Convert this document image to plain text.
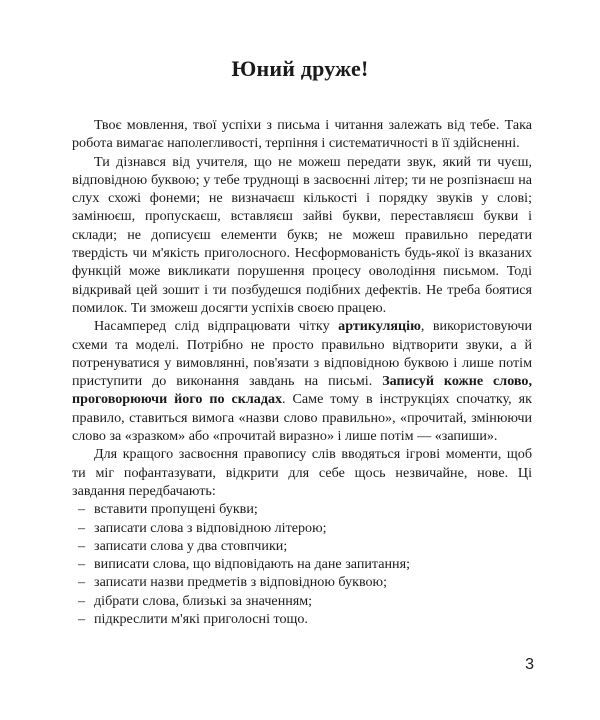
Юний друже!

Твоє мовлення, твої успіхи з письма і читання залежать від тебе. Така робота вимагає наполегливості, терпіння і систематичності в її здійсненні.

Ти дізнався від учителя, що не можеш передати звук, який ти чуєш, відповідною буквою; у тебе труднощі в засвоєнні літер; ти не розпізнаєш на слух схожі фонеми; не визначаєш кількості і порядку звуків у слові; замінюєш, пропускаєш, вставляєш зайві букви, переставляєш букви і склади; не дописуєш елементи букв; не можеш правильно передати твердість чи м'якість приголосного. Несформованість будь-якої із вказаних функцій може викликати порушення процесу оволодіння письмом. Тоді відкривай цей зошит і ти позбудешся подібних дефектів. Не треба боятися помилок. Ти зможеш досягти успіхів своєю працею.

Насамперед слід відпрацювати чітку артикуляцію, використовуючи схеми та моделі. Потрібно не просто правильно відтворити звуки, а й потренуватися у вимовлянні, пов'язати з відповідною буквою і лише потім приступити до виконання завдань на письмі. Записуй кожне слово, проговорюючи його по складах. Саме тому в інструкціях спочатку, як правило, ставиться вимога «назви слово правильно», «прочитай, змінюючи слово за «зразком» або «прочитай виразно» і лише потім — «запиши».

Для кращого засвоєння правопису слів вводяться ігрові моменти, щоб ти міг пофантазувати, відкрити для себе щось незвичайне, нове. Ці завдання передбачають:

– вставити пропущені букви;
– записати слова з відповідною літерою;
– записати слова у два стовпчики;
– виписати слова, що відповідають на дане запитання;
– записати назви предметів з відповідною буквою;
– дібрати слова, близькі за значенням;
– підкреслити м'які приголосні тощо.
3
